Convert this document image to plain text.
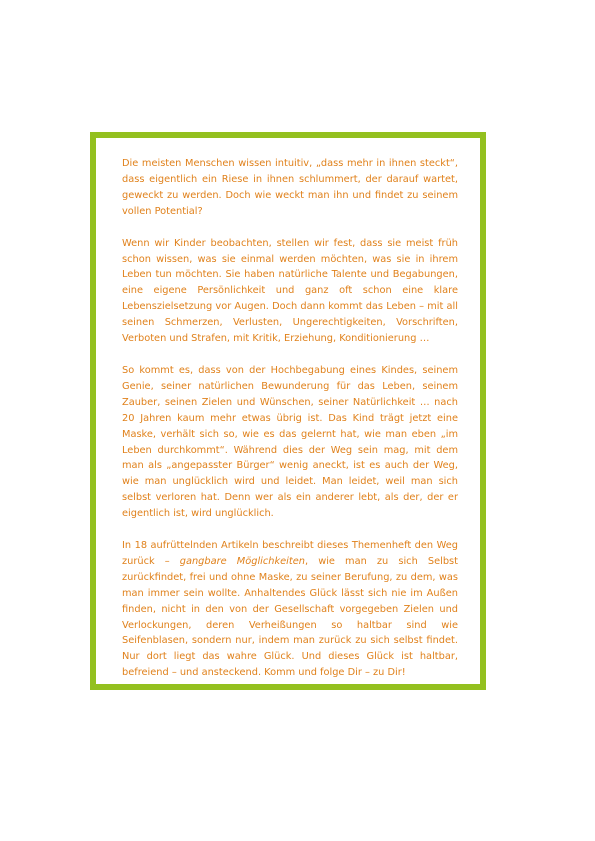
Die meisten Menschen wissen intuitiv, „dass mehr in ihnen steckt“, dass eigentlich ein Riese in ihnen schlummert, der darauf wartet, geweckt zu werden. Doch wie weckt man ihn und findet zu seinem vollen Potential?

Wenn wir Kinder beobachten, stellen wir fest, dass sie meist früh schon wissen, was sie einmal werden möchten, was sie in ihrem Leben tun möchten. Sie haben natürliche Talente und Begabungen, eine eigene Persönlichkeit und ganz oft schon eine klare Lebenszielsetzung vor Augen. Doch dann kommt das Leben – mit all seinen Schmerzen, Verlusten, Ungerechtigkeiten, Vorschriften, Verboten und Strafen, mit Kritik, Erziehung, Konditionierung …

So kommt es, dass von der Hochbegabung eines Kindes, seinem Genie, seiner natürlichen Bewunderung für das Leben, seinem Zauber, seinen Zielen und Wünschen, seiner Natürlichkeit … nach 20 Jahren kaum mehr etwas übrig ist. Das Kind trägt jetzt eine Maske, verhält sich so, wie es das gelernt hat, wie man eben „im Leben durchkommt“. Während dies der Weg sein mag, mit dem man als „angepasster Bürger“ wenig aneckt, ist es auch der Weg, wie man unglücklich wird und leidet. Man leidet, weil man sich selbst verloren hat. Denn wer als ein anderer lebt, als der, der er eigentlich ist, wird unglücklich.

In 18 aufrüttelnden Artikeln beschreibt dieses Themenheft den Weg zurück – gangbare Möglichkeiten, wie man zu sich Selbst zurückfindet, frei und ohne Maske, zu seiner Berufung, zu dem, was man immer sein wollte. Anhaltendes Glück lässt sich nie im Außen finden, nicht in den von der Gesellschaft vorgegeben Zielen und Verlockungen, deren Verheißungen so haltbar sind wie Seifenblasen, sondern nur, indem man zurück zu sich selbst findet. Nur dort liegt das wahre Glück. Und dieses Glück ist haltbar, befreiend – und ansteckend. Komm und folge Dir – zu Dir!
